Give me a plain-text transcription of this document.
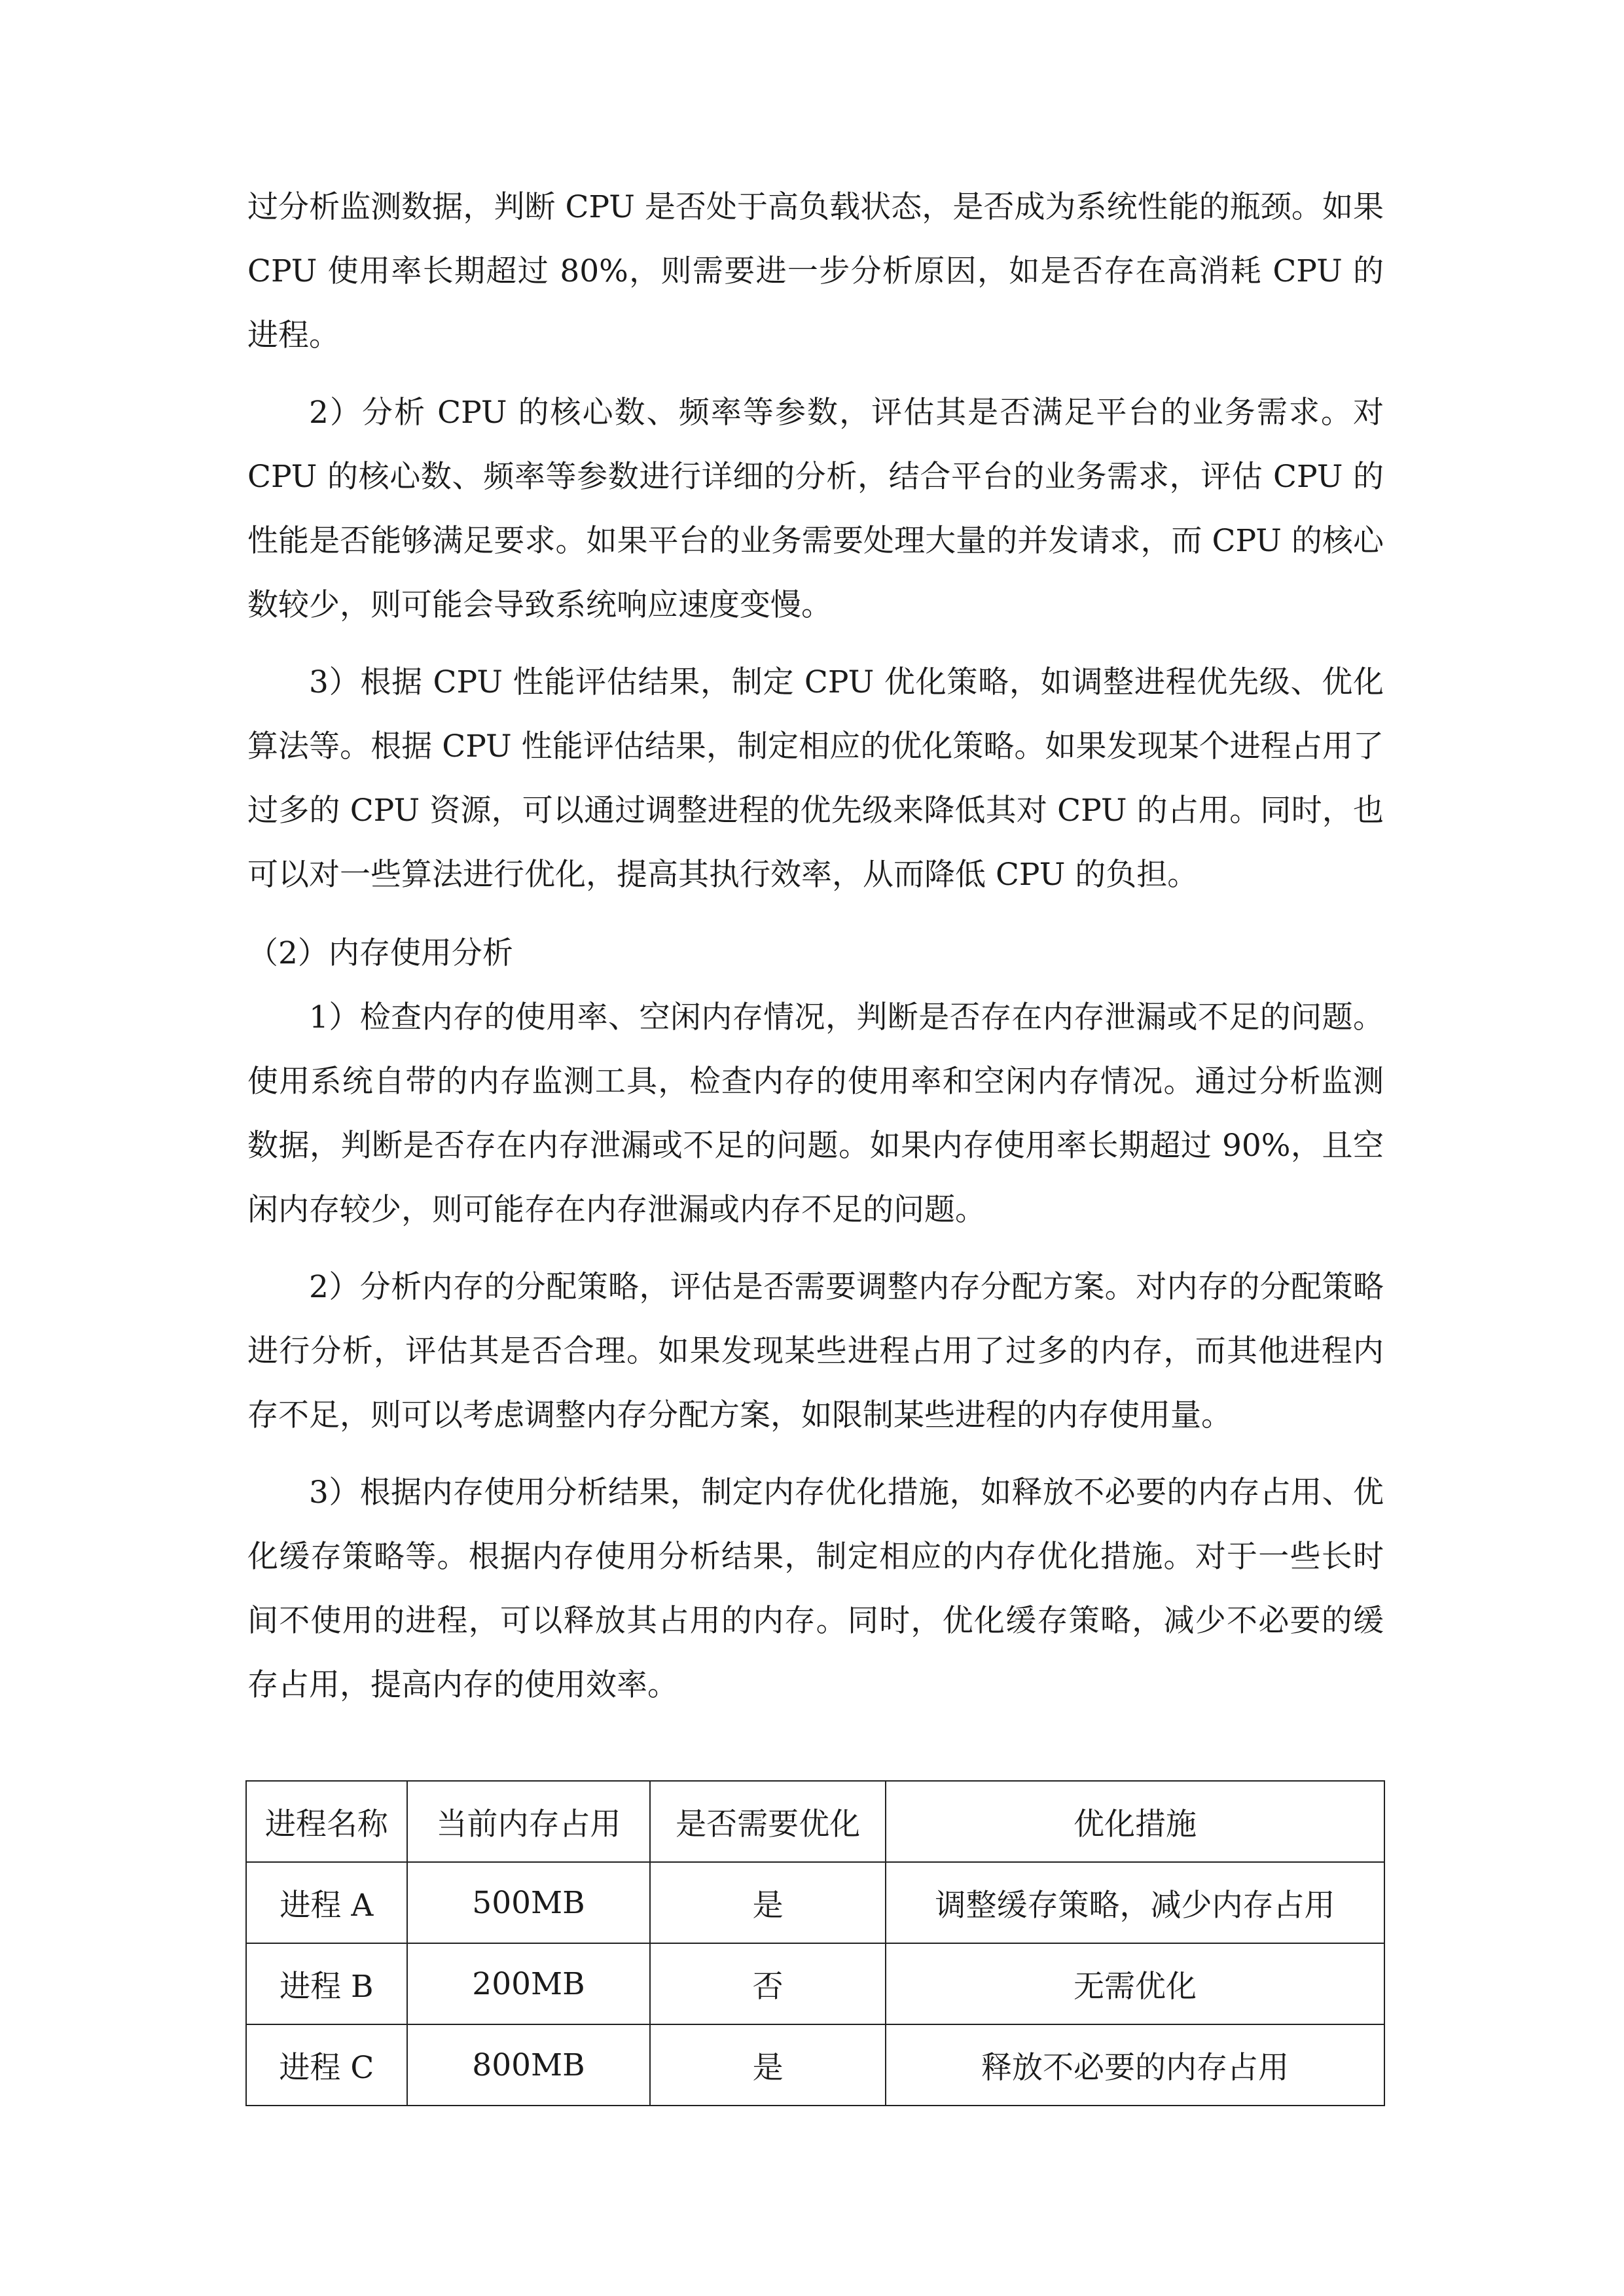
过分析监测数据，判断 CPU 是否处于高负载状态，是否成为系统性能的瓶颈。如果 CPU 使用率长期超过 80%，则需要进一步分析原因，如是否存在高消耗 CPU 的进程。

2）分析 CPU 的核心数、频率等参数，评估其是否满足平台的业务需求。对 CPU 的核心数、频率等参数进行详细的分析，结合平台的业务需求，评估 CPU 的性能是否能够满足要求。如果平台的业务需要处理大量的并发请求，而 CPU 的核心数较少，则可能会导致系统响应速度变慢。

3）根据 CPU 性能评估结果，制定 CPU 优化策略，如调整进程优先级、优化算法等。根据 CPU 性能评估结果，制定相应的优化策略。如果发现某个进程占用了过多的 CPU 资源，可以通过调整进程的优先级来降低其对 CPU 的占用。同时，也可以对一些算法进行优化，提高其执行效率，从而降低 CPU 的负担。

（2）内存使用分析

1）检查内存的使用率、空闲内存情况，判断是否存在内存泄漏或不足的问题。使用系统自带的内存监测工具，检查内存的使用率和空闲内存情况。通过分析监测数据，判断是否存在内存泄漏或不足的问题。如果内存使用率长期超过 90%，且空闲内存较少，则可能存在内存泄漏或内存不足的问题。

2）分析内存的分配策略，评估是否需要调整内存分配方案。对内存的分配策略进行分析，评估其是否合理。如果发现某些进程占用了过多的内存，而其他进程内存不足，则可以考虑调整内存分配方案，如限制某些进程的内存使用量。

3）根据内存使用分析结果，制定内存优化措施，如释放不必要的内存占用、优化缓存策略等。根据内存使用分析结果，制定相应的内存优化措施。对于一些长时间不使用的进程，可以释放其占用的内存。同时，优化缓存策略，减少不必要的缓存占用，提高内存的使用效率。

进程名称	当前内存占用	是否需要优化	优化措施
进程 A	500MB	是	调整缓存策略，减少内存占用
进程 B	200MB	否	无需优化
进程 C	800MB	是	释放不必要的内存占用
